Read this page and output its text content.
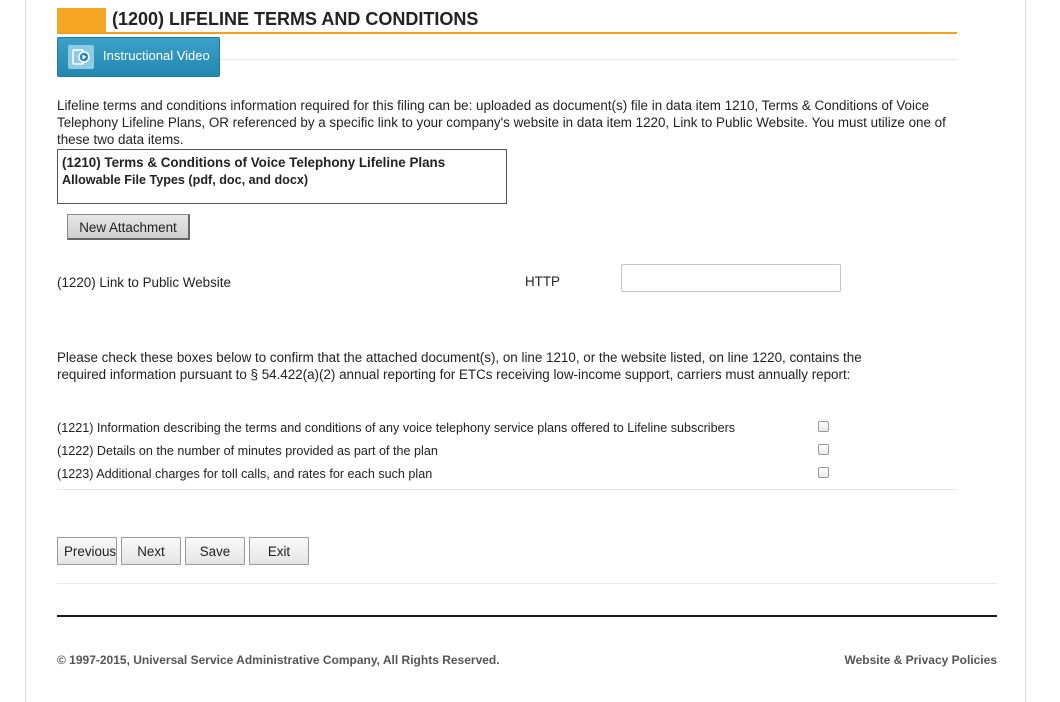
(1200) LIFELINE TERMS AND CONDITIONS
Instructional Video
Lifeline terms and conditions information required for this filing can be: uploaded as document(s) file in data item 1210, Terms & Conditions of Voice Telephony Lifeline Plans, OR referenced by a specific link to your company's website in data item 1220, Link to Public Website. You must utilize one of these two data items.
(1210) Terms & Conditions of Voice Telephony Lifeline Plans
Allowable File Types (pdf, doc, and docx)
New Attachment
(1220) Link to Public Website	HTTP
Please check these boxes below to confirm that the attached document(s), on line 1210, or the website listed, on line 1220, contains the required information pursuant to § 54.422(a)(2) annual reporting for ETCs receiving low-income support, carriers must annually report:
(1221) Information describing the terms and conditions of any voice telephony service plans offered to Lifeline subscribers
(1222) Details on the number of minutes provided as part of the plan
(1223) Additional charges for toll calls, and rates for each such plan
Previous	Next	Save	Exit
© 1997-2015, Universal Service Administrative Company, All Rights Reserved.	Website & Privacy Policies
